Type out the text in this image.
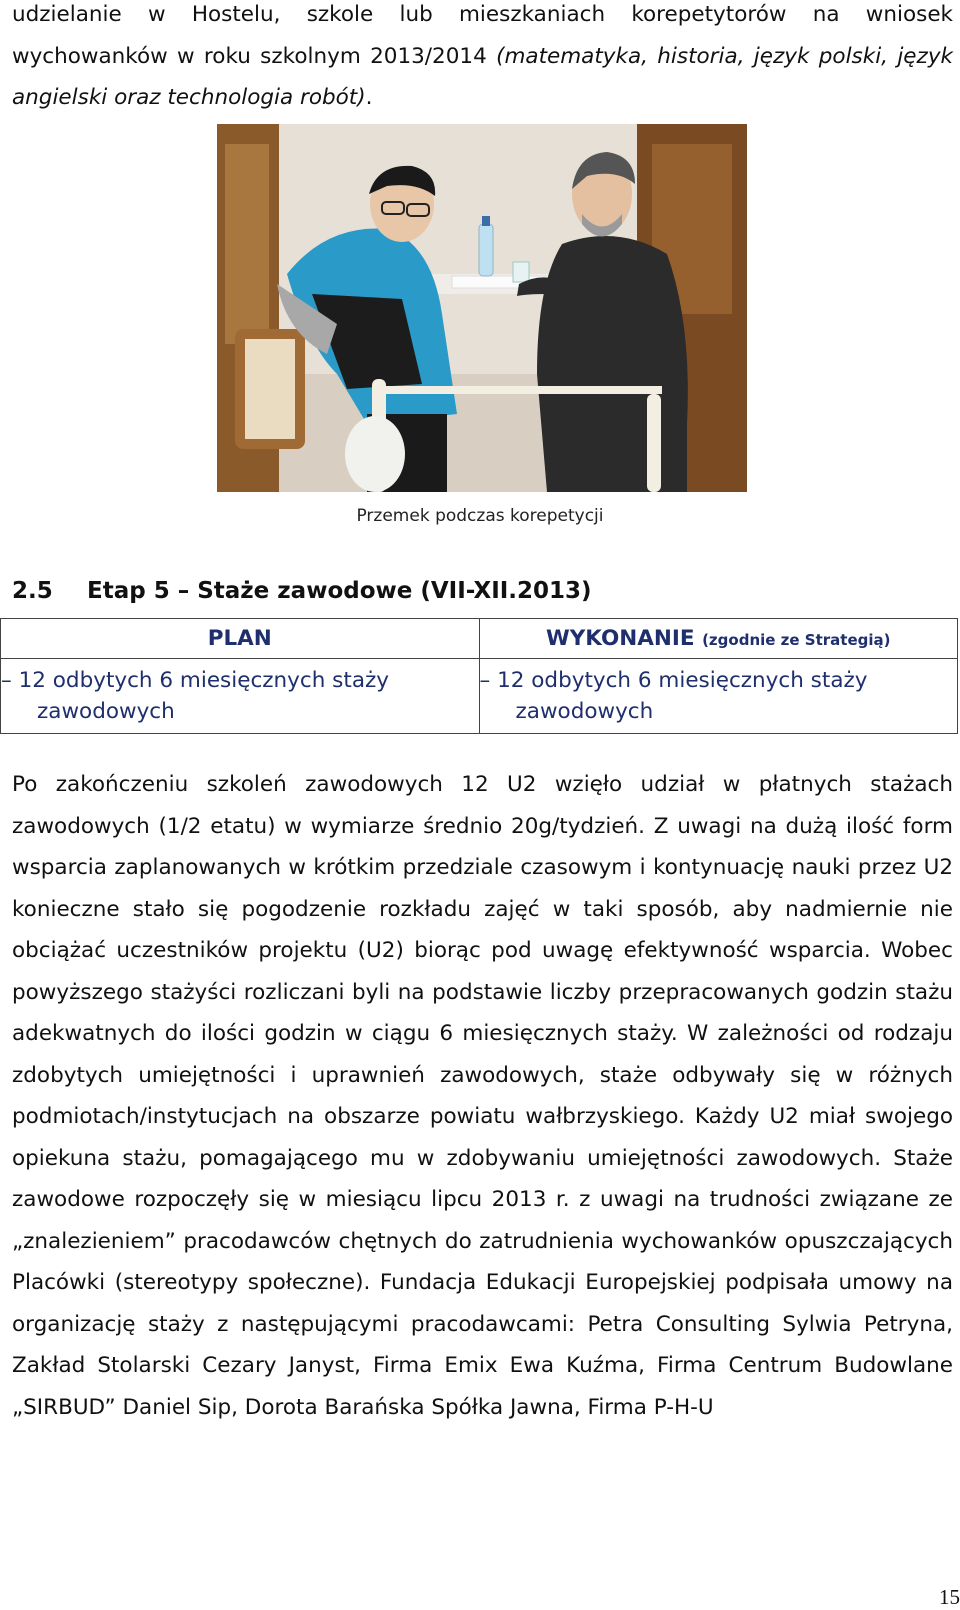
udzielanie w Hostelu, szkole lub mieszkaniach korepetytorów na wniosek wychowanków w roku szkolnym 2013/2014 (matematyka, historia, język polski, język angielski oraz technologia robót).

Przemek podczas korepetycji
2.5 Etap 5 – Staże zawodowe (VII-XII.2013)
PLAN	WYKONANIE (zgodnie ze Strategią)
– 12 odbytych 6 miesięcznych staży zawodowych	– 12 odbytych 6 miesięcznych staży zawodowych

Po zakończeniu szkoleń zawodowych 12 U2 wzięło udział w płatnych stażach zawodowych (1/2 etatu) w wymiarze średnio 20g/tydzień. Z uwagi na dużą ilość form wsparcia zaplanowanych w krótkim przedziale czasowym i kontynuację nauki przez U2 konieczne stało się pogodzenie rozkładu zajęć w taki sposób, aby nadmiernie nie obciążać uczestników projektu (U2) biorąc pod uwagę efektywność wsparcia. Wobec powyższego stażyści rozliczani byli na podstawie liczby przepracowanych godzin stażu adekwatnych do ilości godzin w ciągu 6 miesięcznych staży. W zależności od rodzaju zdobytych umiejętności i uprawnień zawodowych, staże odbywały się w różnych podmiotach/instytucjach na obszarze powiatu wałbrzyskiego. Każdy U2 miał swojego opiekuna stażu, pomagającego mu w zdobywaniu umiejętności zawodowych. Staże zawodowe rozpoczęły się w miesiącu lipcu 2013 r. z uwagi na trudności związane ze „znalezieniem” pracodawców chętnych do zatrudnienia wychowanków opuszczających Placówki (stereotypy społeczne). Fundacja Edukacji Europejskiej podpisała umowy na organizację staży z następującymi pracodawcami: Petra Consulting Sylwia Petryna, Zakład Stolarski Cezary Janyst, Firma Emix Ewa Kuźma, Firma Centrum Budowlane „SIRBUD” Daniel Sip, Dorota Barańska Spółka Jawna, Firma P-H-U

15
